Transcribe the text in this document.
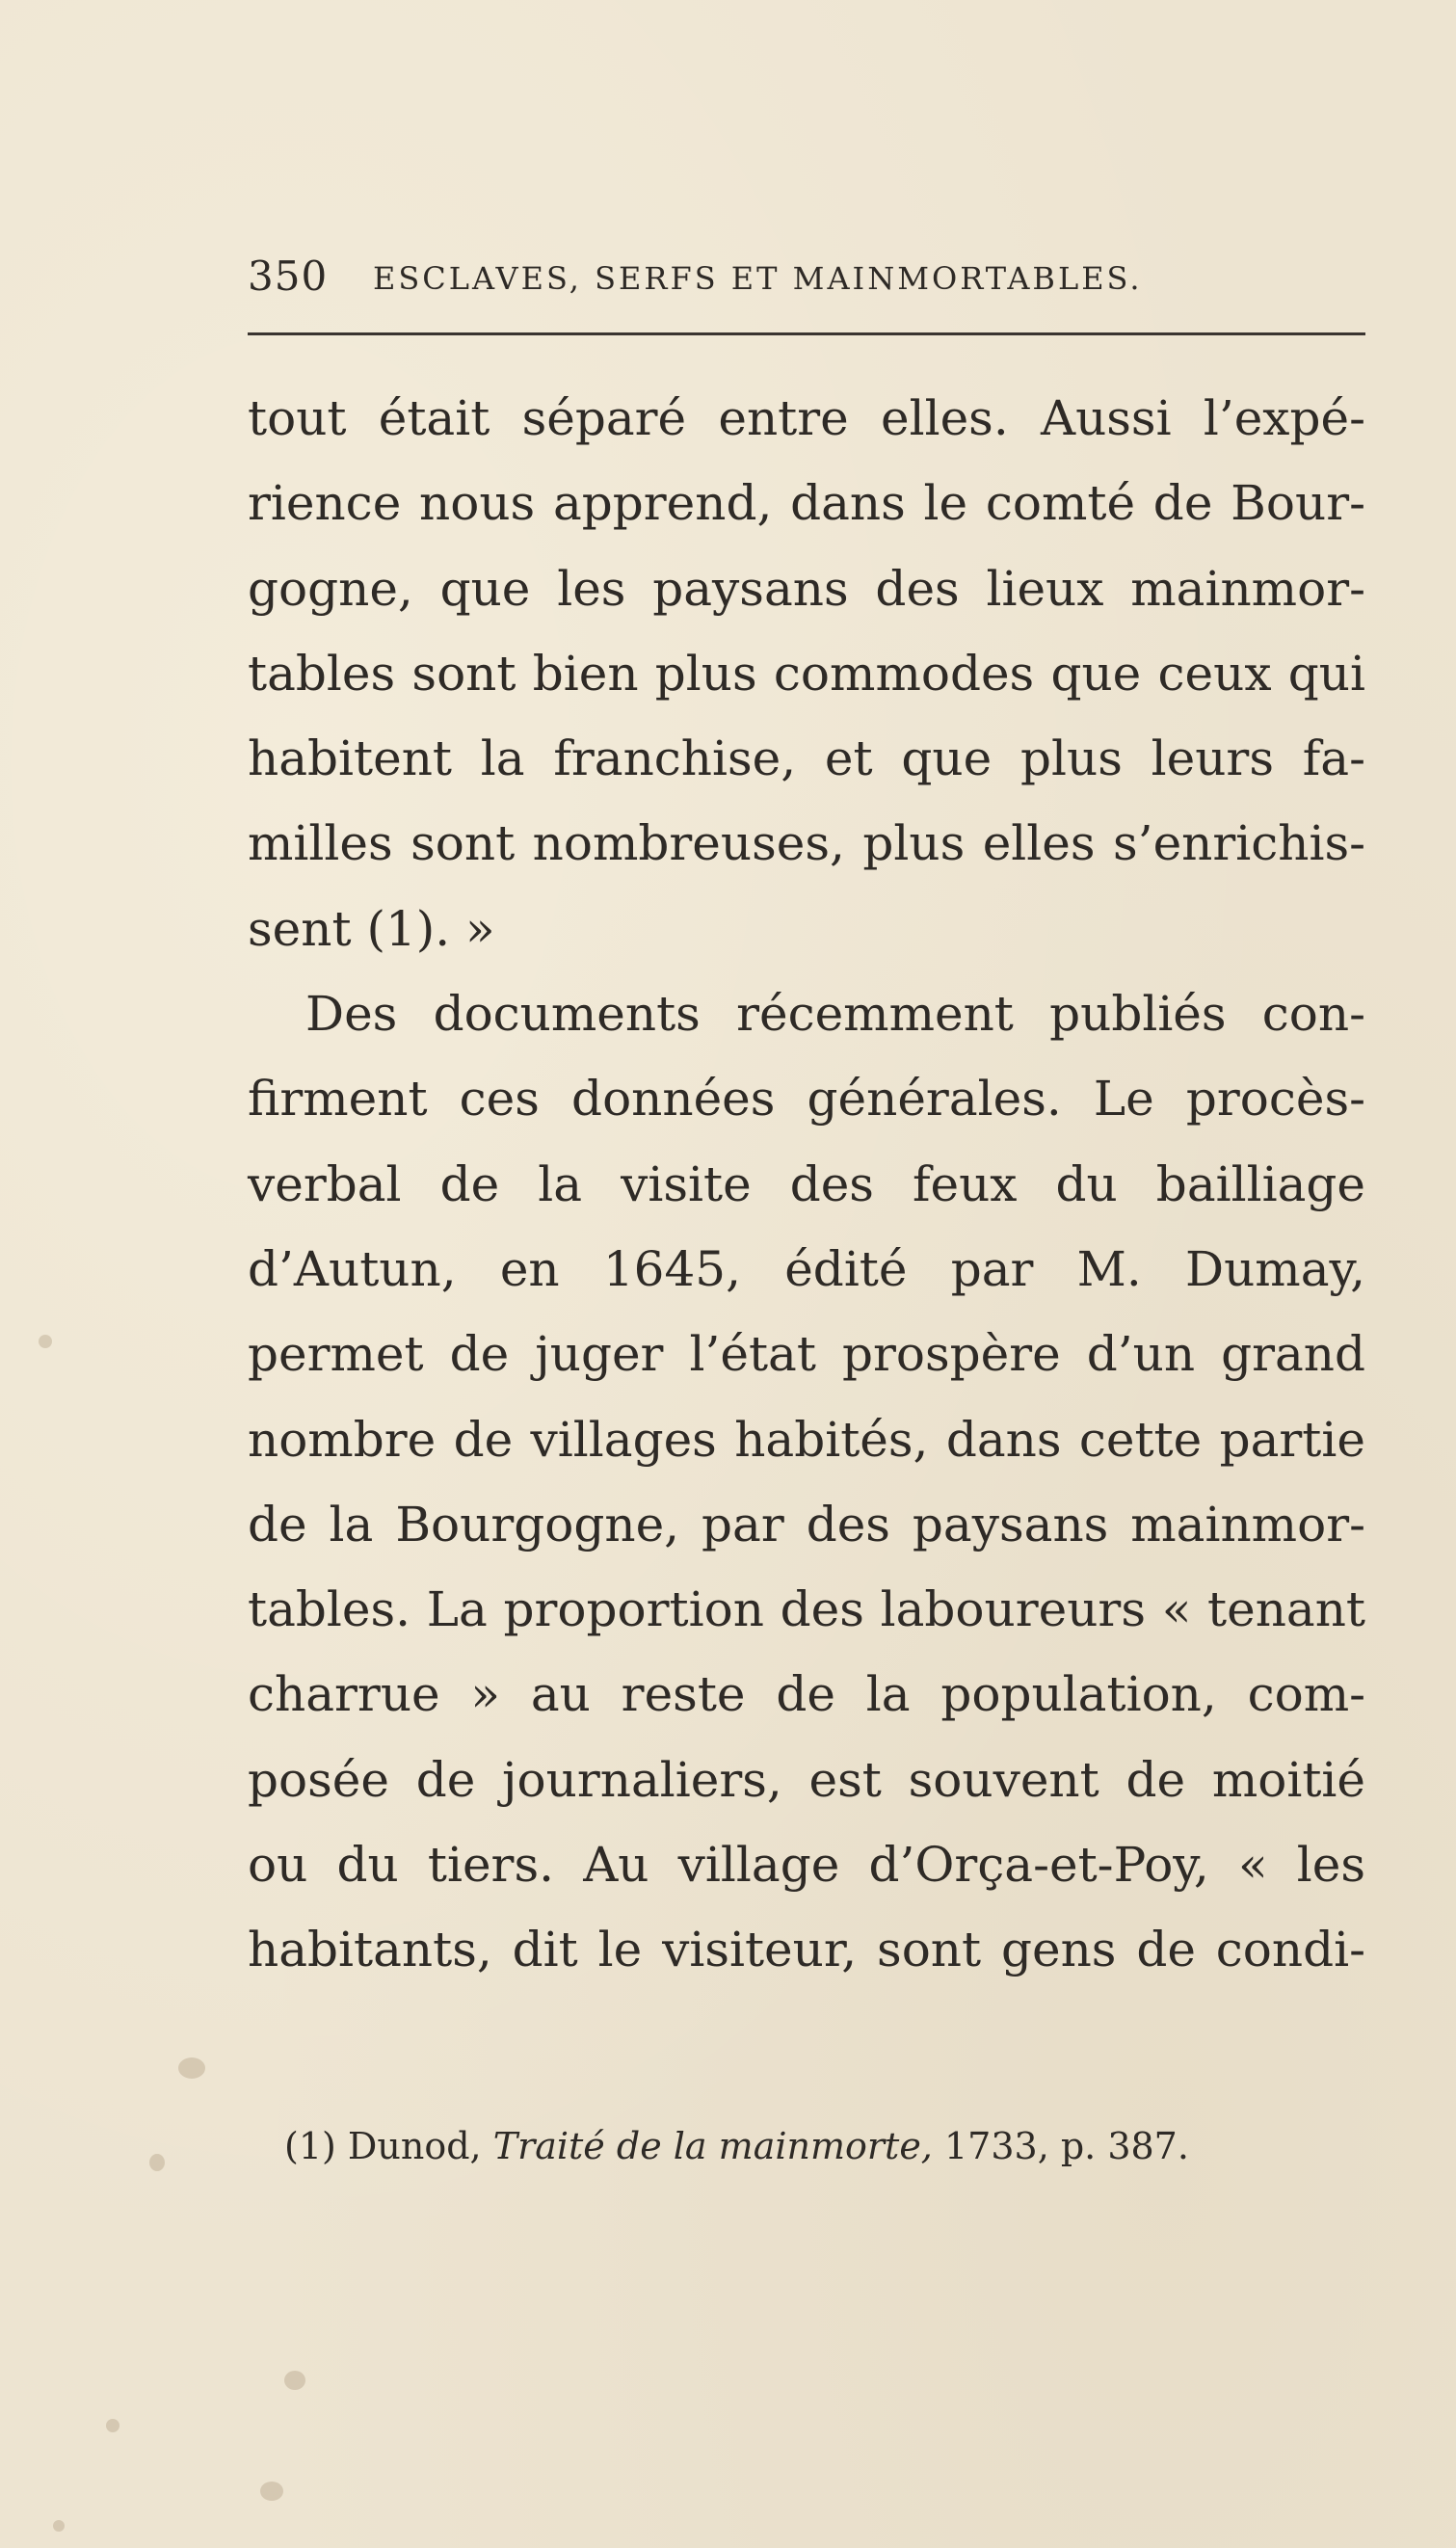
350 ESCLAVES, SERFS ET MAINMORTABLES.
tout était séparé entre elles. Aussi l’expé-
rience nous apprend, dans le comté de Bour-
gogne, que les paysans des lieux mainmor-
tables sont bien plus commodes que ceux qui
habitent la franchise, et que plus leurs fa-
milles sont nombreuses, plus elles s’enrichis-
sent (1). »
Des documents récemment publiés con-
firment ces données générales. Le procès-
verbal de la visite des feux du bailliage
d’Autun, en 1645, édité par M. Dumay,
permet de juger l’état prospère d’un grand
nombre de villages habités, dans cette partie
de la Bourgogne, par des paysans mainmor-
tables. La proportion des laboureurs « tenant
charrue » au reste de la population, com-
posée de journaliers, est souvent de moitié
ou du tiers. Au village d’Orça-et-Poy, « les
habitants, dit le visiteur, sont gens de condi-
(1) Dunod, Traité de la mainmorte, 1733, p. 387.
